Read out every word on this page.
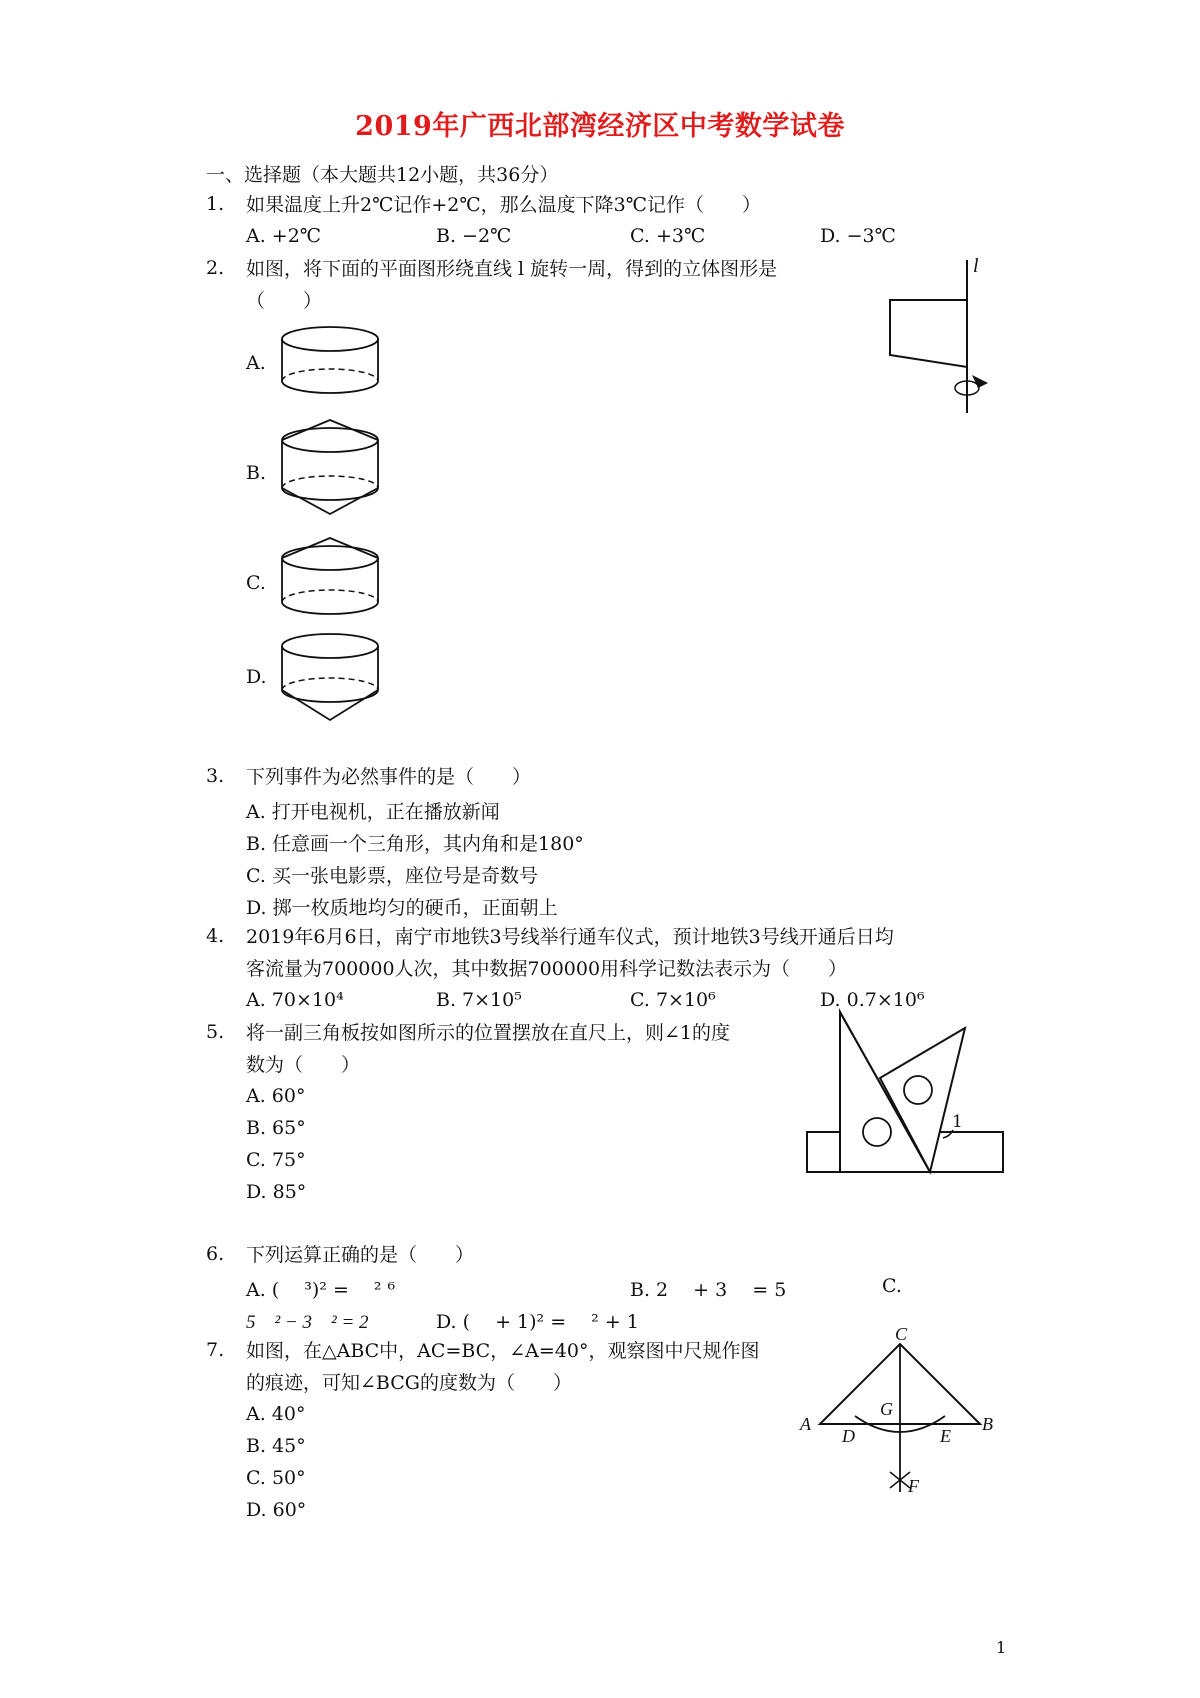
2019年广西北部湾经济区中考数学试卷
一、选择题（本大题共12小题，共36分）
1. 如果温度上升2℃记作+2℃，那么温度下降3℃记作（　　）
A. +2℃	B. −2℃	C. +3℃	D. −3℃
2. 如图，将下面的平面图形绕直线 l 旋转一周，得到的立体图形是
（　　）
l
A.
B.
C.
D.
3. 下列事件为必然事件的是（　　）
A. 打开电视机，正在播放新闻
B. 任意画一个三角形，其内角和是180°
C. 买一张电影票，座位号是奇数号
D. 掷一枚质地均匀的硬币，正面朝上
4. 2019年6月6日，南宁市地铁3号线举行通车仪式，预计地铁3号线开通后日均
客流量为700000人次，其中数据700000用科学记数法表示为（　　）
A. 70×10⁴	B. 7×10⁵	C. 7×10⁶	D. 0.7×10⁶
5. 将一副三角板按如图所示的位置摆放在直尺上，则∠1的度
数为（　　）
A. 60°
B. 65°
C. 75°
D. 85°
1
6. 下列运算正确的是（　　）
A. (　 ³)² = 　² ⁶	B. 2　 + 3　 = 5	C.
5　² − 3　² = 2	D. (　 + 1)² = 　² + 1
7. 如图，在△ABC中，AC=BC，∠A=40°，观察图中尺规作图
的痕迹，可知∠BCG的度数为（　　）
A. 40°
B. 45°
C. 50°
D. 60°
C
G
A
D	E
B
F
1
